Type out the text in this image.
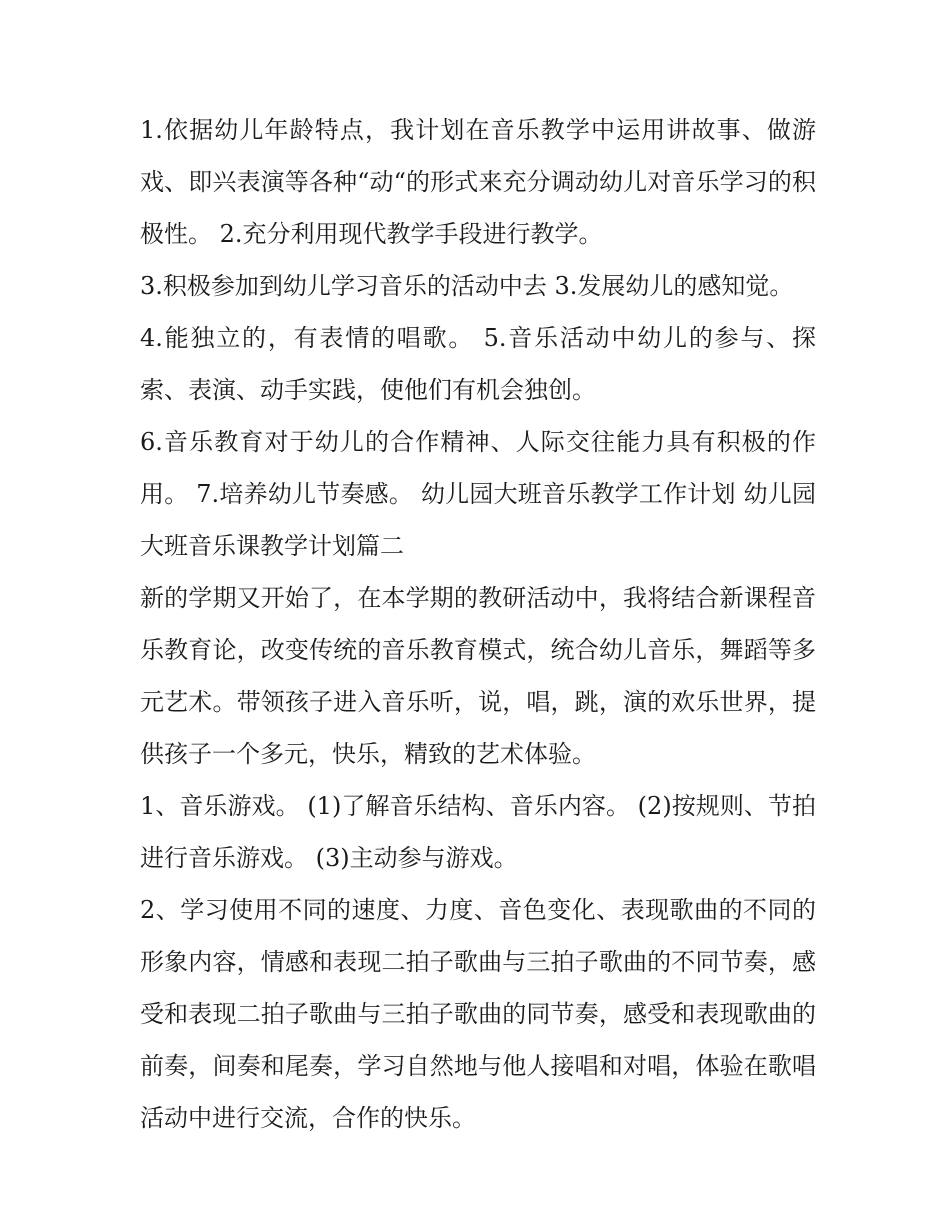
1.依据幼儿年龄特点，我计划在音乐教学中运用讲故事、做游戏、即兴表演等各种“动“的形式来充分调动幼儿对音乐学习的积极性。 2.充分利用现代教学手段进行教学。

3.积极参加到幼儿学习音乐的活动中去 3.发展幼儿的感知觉。

4.能独立的，有表情的唱歌。 5.音乐活动中幼儿的参与、探索、表演、动手实践，使他们有机会独创。

6.音乐教育对于幼儿的合作精神、人际交往能力具有积极的作用。 7.培养幼儿节奏感。 幼儿园大班音乐教学工作计划 幼儿园大班音乐课教学计划篇二

新的学期又开始了，在本学期的教研活动中，我将结合新课程音乐教育论，改变传统的音乐教育模式，统合幼儿音乐，舞蹈等多元艺术。带领孩子进入音乐听，说，唱，跳，演的欢乐世界，提供孩子一个多元，快乐，精致的艺术体验。

1、音乐游戏。 (1)了解音乐结构、音乐内容。 (2)按规则、节拍进行音乐游戏。 (3)主动参与游戏。

2、学习使用不同的速度、力度、音色变化、表现歌曲的不同的形象内容，情感和表现二拍子歌曲与三拍子歌曲的不同节奏，感受和表现二拍子歌曲与三拍子歌曲的同节奏，感受和表现歌曲的前奏，间奏和尾奏，学习自然地与他人接唱和对唱，体验在歌唱活动中进行交流，合作的快乐。
